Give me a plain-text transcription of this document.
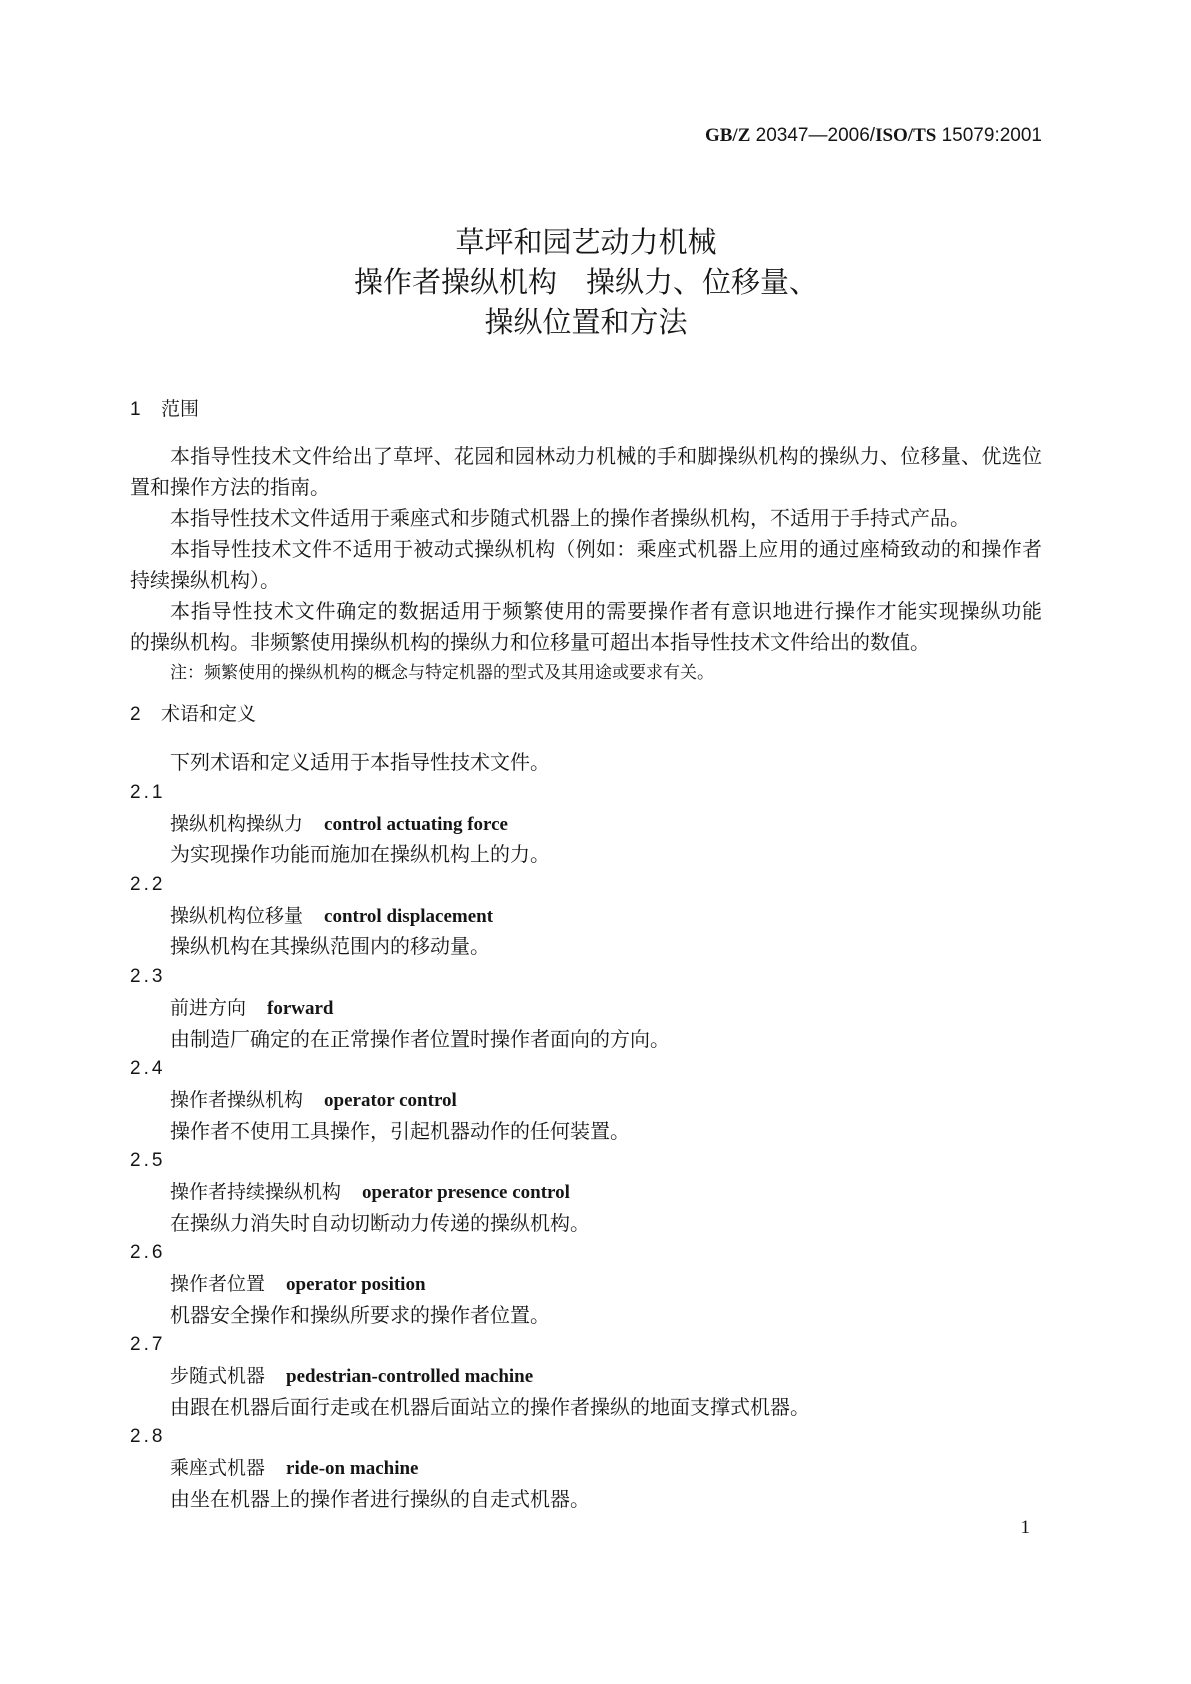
GB/Z 20347—2006/ISO/TS 15079:2001
草坪和园艺动力机械
操作者操纵机构　操纵力、位移量、
操纵位置和方法
1 范围
本指导性技术文件给出了草坪、花园和园林动力机械的手和脚操纵机构的操纵力、位移量、优选位
置和操作方法的指南。
本指导性技术文件适用于乘座式和步随式机器上的操作者操纵机构，不适用于手持式产品。
本指导性技术文件不适用于被动式操纵机构（例如：乘座式机器上应用的通过座椅致动的和操作者
持续操纵机构）。
本指导性技术文件确定的数据适用于频繁使用的需要操作者有意识地进行操作才能实现操纵功能
的操纵机构。非频繁使用操纵机构的操纵力和位移量可超出本指导性技术文件给出的数值。
注：频繁使用的操纵机构的概念与特定机器的型式及其用途或要求有关。
2 术语和定义
下列术语和定义适用于本指导性技术文件。
2.1
操纵机构操纵力 control actuating force
为实现操作功能而施加在操纵机构上的力。
2.2
操纵机构位移量 control displacement
操纵机构在其操纵范围内的移动量。
2.3
前进方向 forward
由制造厂确定的在正常操作者位置时操作者面向的方向。
2.4
操作者操纵机构 operator control
操作者不使用工具操作，引起机器动作的任何装置。
2.5
操作者持续操纵机构 operator presence control
在操纵力消失时自动切断动力传递的操纵机构。
2.6
操作者位置 operator position
机器安全操作和操纵所要求的操作者位置。
2.7
步随式机器 pedestrian-controlled machine
由跟在机器后面行走或在机器后面站立的操作者操纵的地面支撑式机器。
2.8
乘座式机器 ride-on machine
由坐在机器上的操作者进行操纵的自走式机器。
1
